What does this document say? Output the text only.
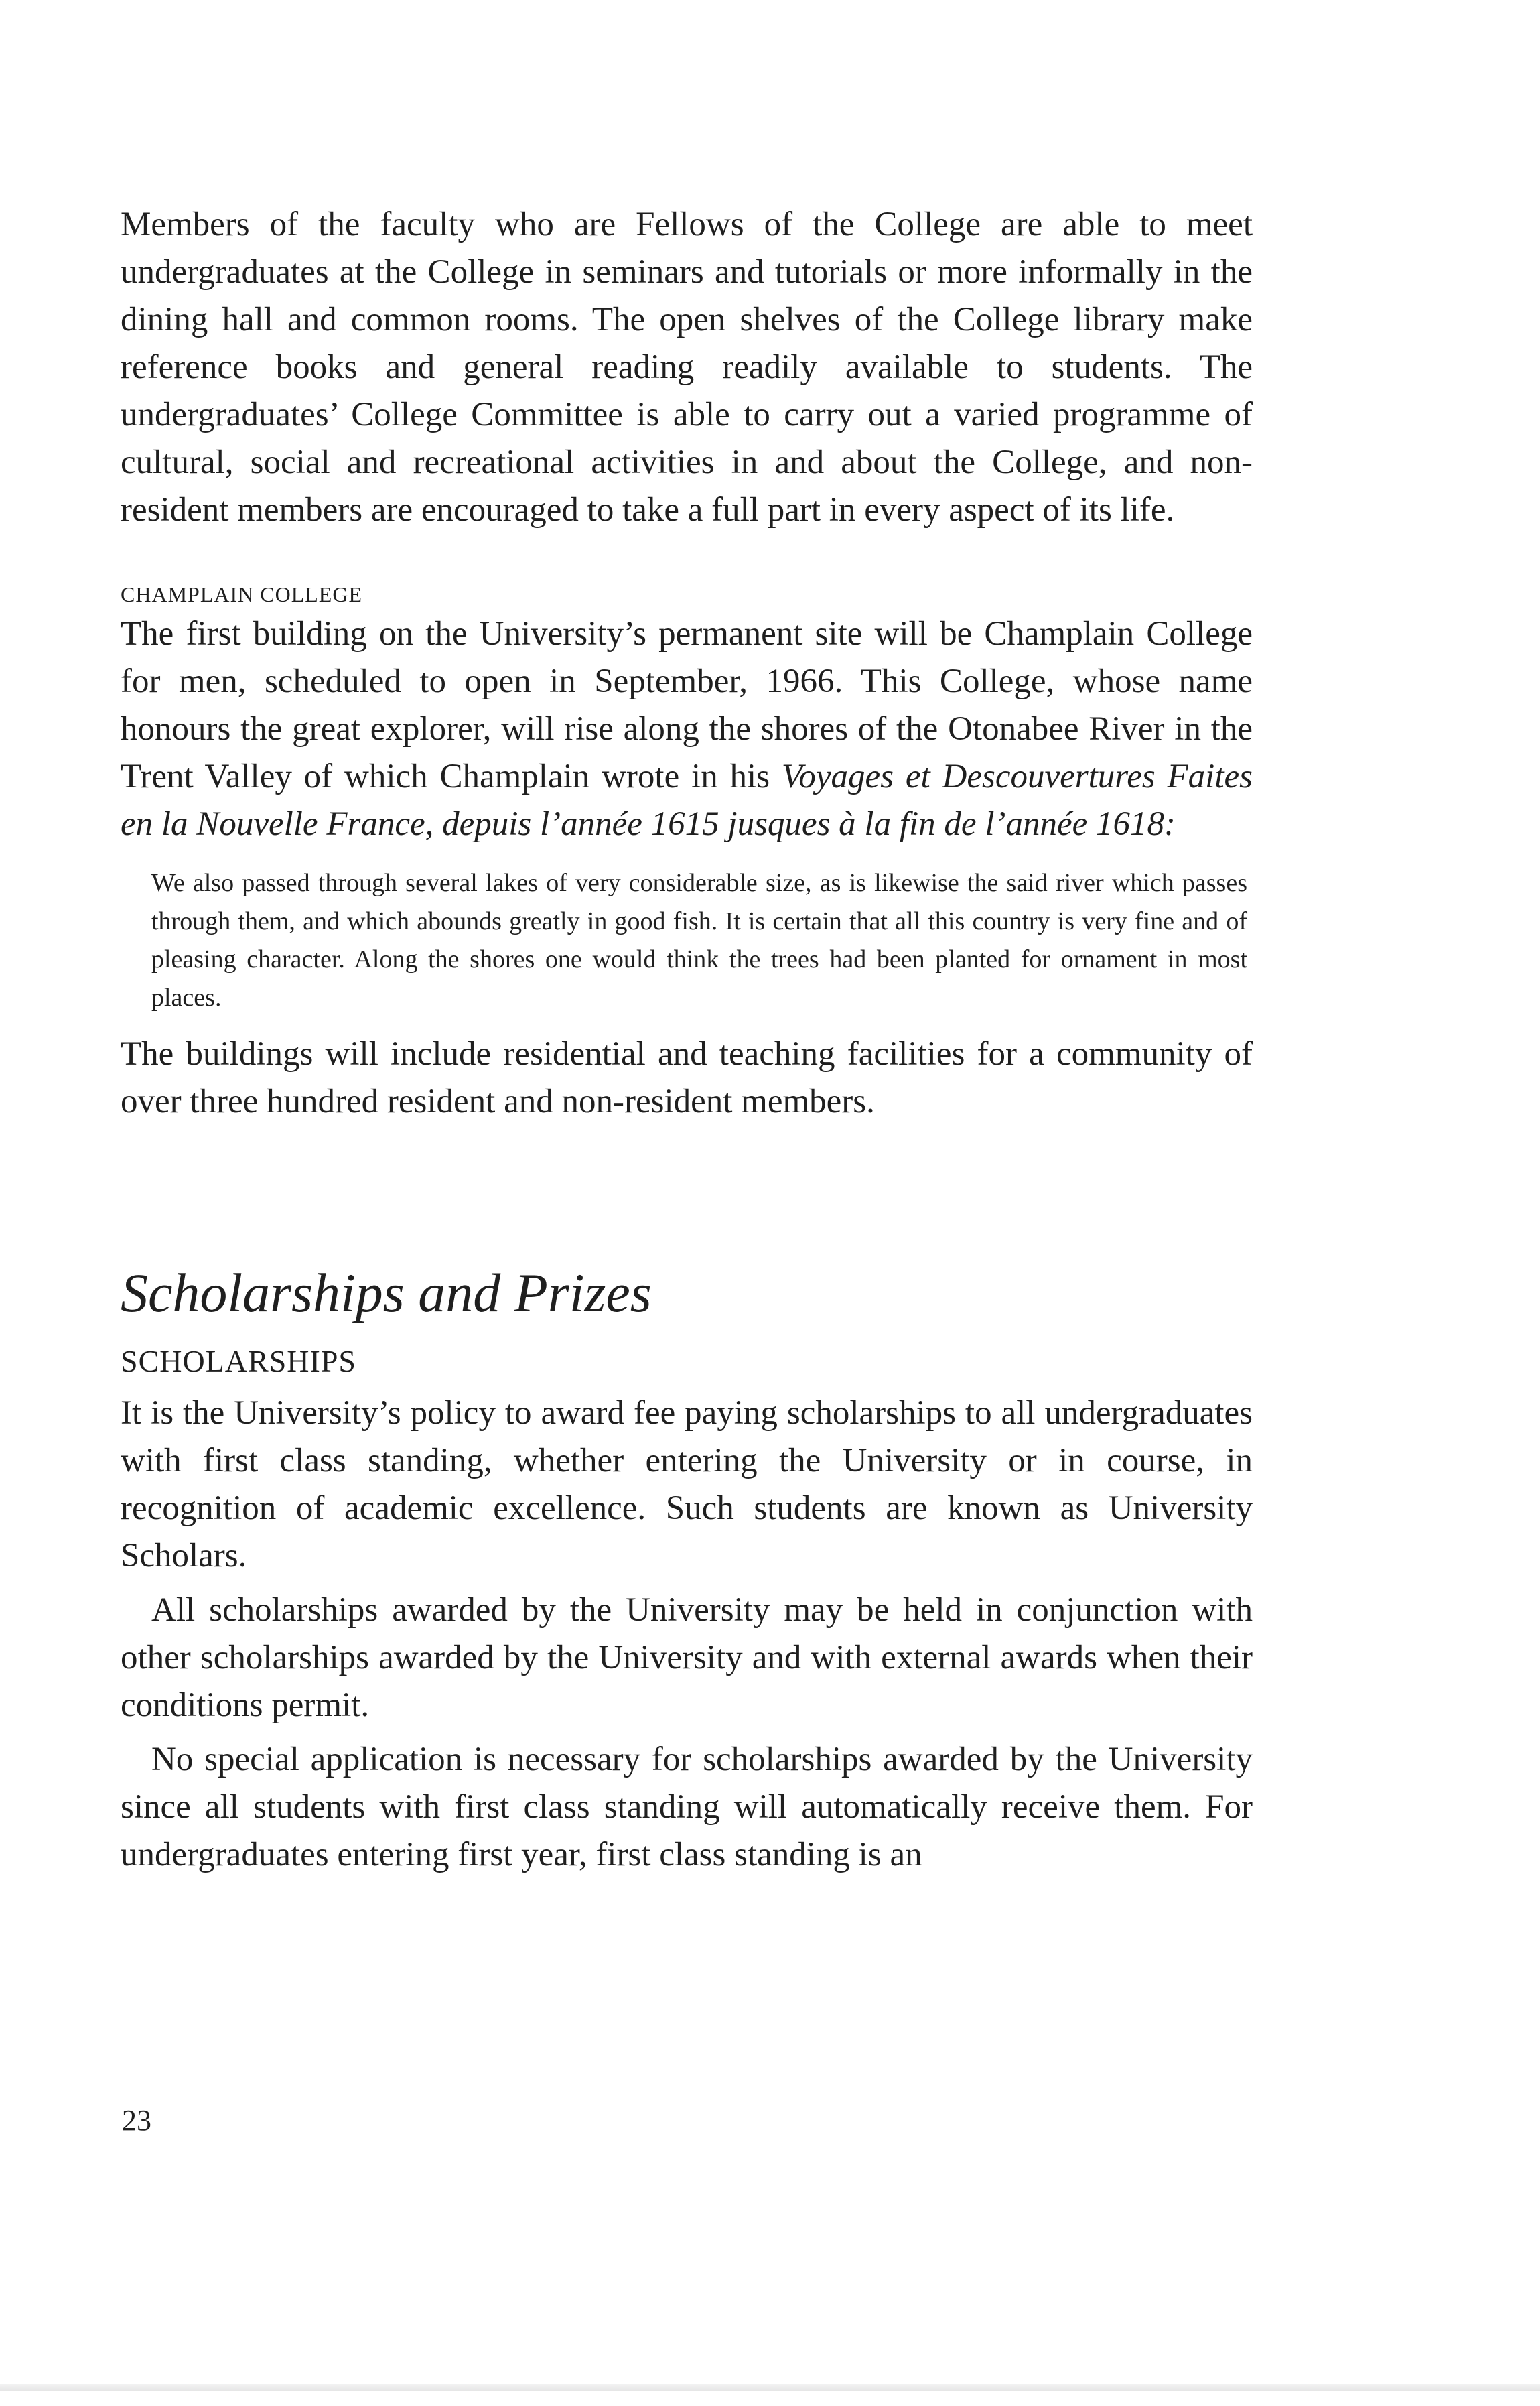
Members of the faculty who are Fellows of the College are able to meet undergraduates at the College in seminars and tutorials or more informally in the dining hall and common rooms. The open shelves of the College library make reference books and general reading readily available to students. The undergraduates’ College Committee is able to carry out a varied programme of cultural, social and recreational activities in and about the College, and non-resident members are encouraged to take a full part in every aspect of its life.

CHAMPLAIN COLLEGE

The first building on the University’s permanent site will be Champlain College for men, scheduled to open in September, 1966. This College, whose name honours the great explorer, will rise along the shores of the Otonabee River in the Trent Valley of which Champlain wrote in his Voyages et Descouvertures Faites en la Nouvelle France, depuis l’année 1615 jusques à la fin de l’année 1618:

We also passed through several lakes of very considerable size, as is likewise the said river which passes through them, and which abounds greatly in good fish. It is certain that all this country is very fine and of pleasing character. Along the shores one would think the trees had been planted for ornament in most places.

The buildings will include residential and teaching facilities for a community of over three hundred resident and non-resident members.

Scholarships and Prizes

SCHOLARSHIPS

It is the University’s policy to award fee paying scholarships to all undergraduates with first class standing, whether entering the University or in course, in recognition of academic excellence. Such students are known as University Scholars.

All scholarships awarded by the University may be held in conjunction with other scholarships awarded by the University and with external awards when their conditions permit.

No special application is necessary for scholarships awarded by the University since all students with first class standing will automatically receive them. For undergraduates entering first year, first class standing is an

23
